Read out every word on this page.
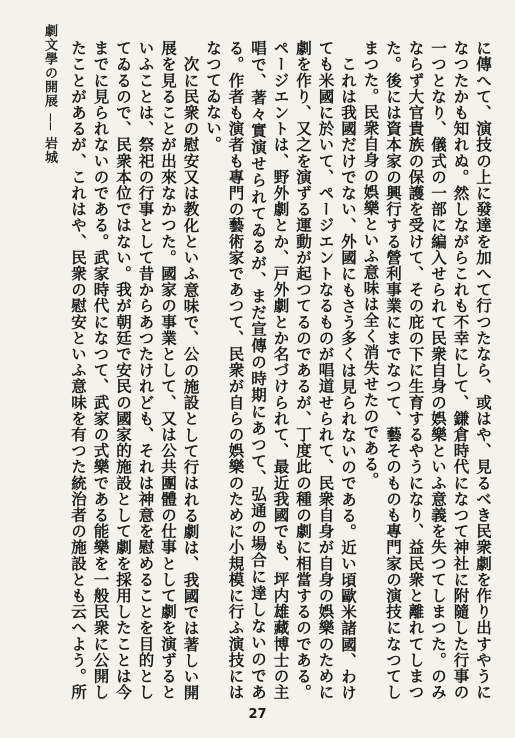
劇文學の開展 ── 岩城	に傳へて、演技の上に發達を加へて行つたなら、或はや、見るべき民衆劇を作り出すやうになつたかも知れぬ。然しながらこれも不幸にして、鎌倉時代になつて神社に附隨した行事の一つとなり、儀式の一部に編入せられて民衆自身の娯樂といふ意義を失つてしまつた。のみならず大官貴族の保護を受けて、その庇の下に生育するやうになり、益民衆と離れてしまつた。後には資本家の興行する營利事業にまでなつて、藝そのものも專門家の演技になつてしまつた。民衆自身の娯樂といふ意味は全く消失せたのである。

これは我國だけでない、外國にもさう多くは見られないのである。近い頃歐米諸國、わけても米國に於いて、ページエントなるものが唱道せられて、民衆自身が自身の娯樂のために劇を作り、又之を演ずる運動が起つてるのであるが、丁度此の種の劇に相當するのである。ページエントは、野外劇とか、戸外劇とか名づけられて、最近我國でも、坪内雄藏博士の主唱で、著々實演せられてゐるが、まだ宣傳の時期にあつて、弘通の場合に達しないのである。作者も演者も專門の藝術家であつて、民衆が自らの娯樂のために小規模に行ふ演技にはなつてゐない。

次に民衆の慰安又は教化といふ意味で、公の施設として行はれる劇は、我國では著しい開展を見ることが出來なかつた。國家の事業として、又は公共團體の仕事として劇を演ずるといふことは、祭祀の行事として昔からあつたけれども、それは神意を慰めることを目的としてゐるので、民衆本位ではない。我が朝廷で安民の國家的施設として劇を採用したことは今までに見られないのである。武家時代になつて、武家の式樂である能樂を一般民衆に公開したことがあるが、これはや、民衆の慰安といふ意味を有つた統治者の施設とも云へよう。所

27
